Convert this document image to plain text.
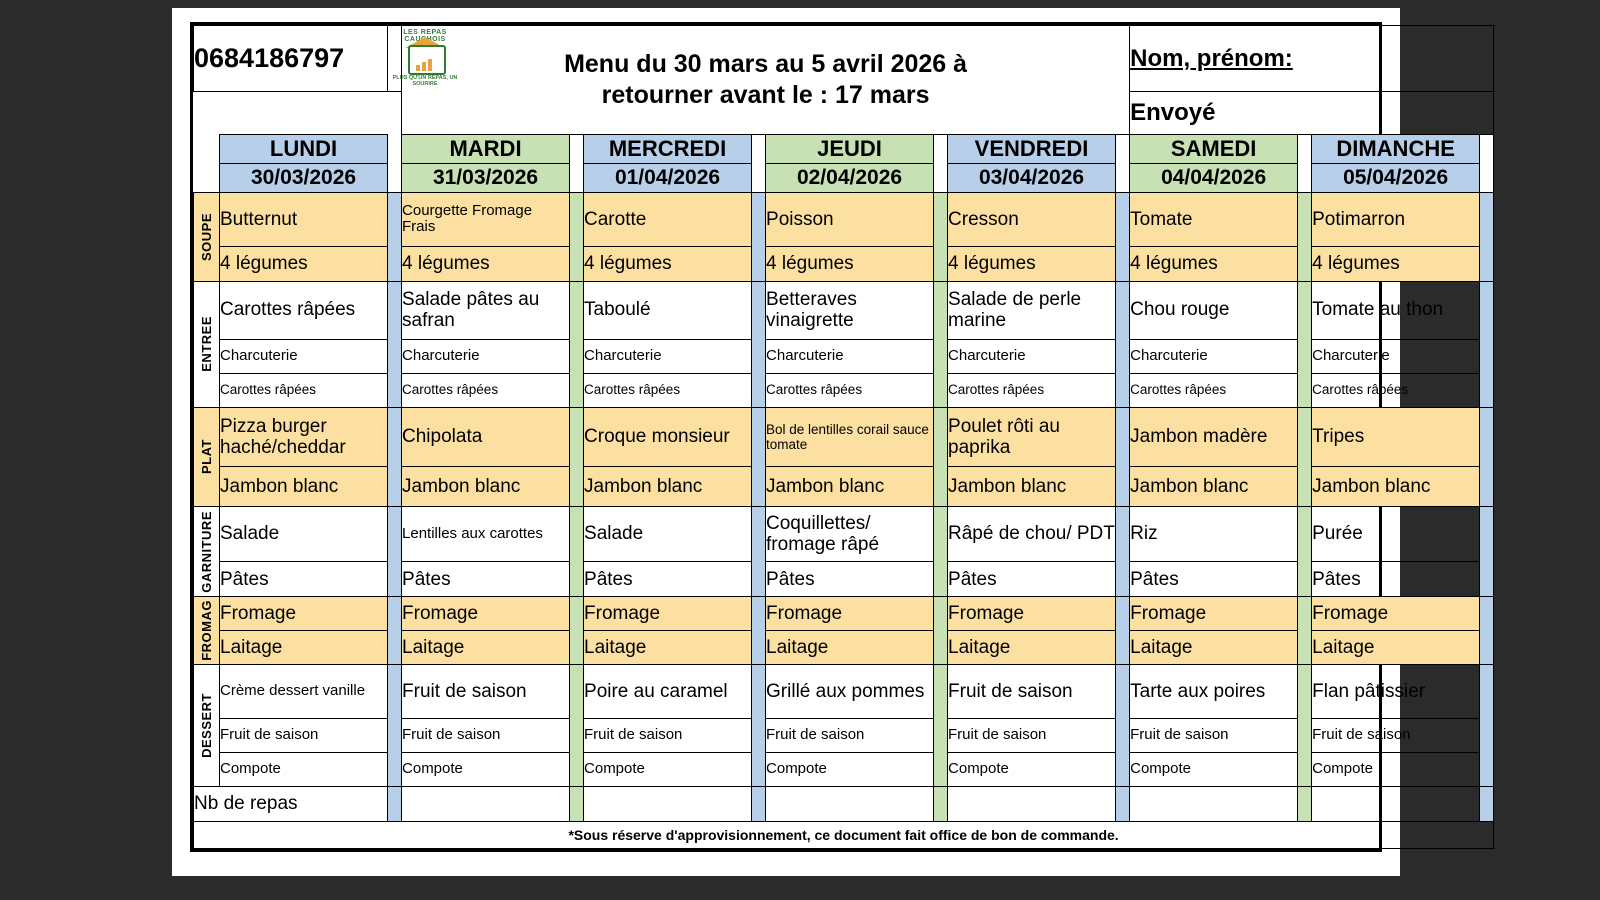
0684186797	
LES REPAS CAUCHOIS
PLUS QU'UN REPAS, UN SOURIRE

Menu du 30 mars au 5 avril 2026 à
retourner avant le : 17 mars
	Nom, prénom:
											Envoyé			
	LUNDI		MARDI		MERCREDI		JEUDI		VENDREDI		SAMEDI		DIMANCHE	
	30/03/2026		31/03/2026		01/04/2026		02/04/2026		03/04/2026		04/04/2026		05/04/2026	

SOUPE	Butternut		Courgette Fromage Frais		Carotte		Poisson		Cresson		Tomate		Potimarron	
	4 légumes		4 légumes		4 légumes		4 légumes		4 légumes		4 légumes		4 légumes	

ENTREE	Carottes râpées		Salade pâtes au safran		Taboulé		Betteraves vinaigrette		Salade de perle marine		Chou rouge		Tomate au thon	
	Charcuterie		Charcuterie		Charcuterie		Charcuterie		Charcuterie		Charcuterie		Charcuterie	
	Carottes râpées		Carottes râpées		Carottes râpées		Carottes râpées		Carottes râpées		Carottes râpées		Carottes râpées	

PLAT	Pizza burger haché/cheddar		Chipolata		Croque monsieur		Bol de lentilles corail sauce tomate		Poulet rôti au paprika		Jambon madère		Tripes	
	Jambon blanc		Jambon blanc		Jambon blanc		Jambon blanc		Jambon blanc		Jambon blanc		Jambon blanc	

GARNITURE	Salade		Lentilles aux carottes		Salade		Coquillettes/ fromage râpé		Râpé de chou/ PDT		Riz		Purée	
	Pâtes		Pâtes		Pâtes		Pâtes		Pâtes		Pâtes		Pâtes	

FROMAG	Fromage		Fromage		Fromage		Fromage		Fromage		Fromage		Fromage	
	Laitage		Laitage		Laitage		Laitage		Laitage		Laitage		Laitage	

DESSERT	Crème dessert vanille		Fruit de saison		Poire au caramel		Grillé aux pommes		Fruit de saison		Tarte aux poires		Flan pâtissier	
	Fruit de saison		Fruit de saison		Fruit de saison		Fruit de saison		Fruit de saison		Fruit de saison		Fruit de saison	
	Compote		Compote		Compote		Compote		Compote		Compote		Compote	
Nb de repas														
*Sous réserve d'approvisionnement, ce document fait office de bon de commande.														
